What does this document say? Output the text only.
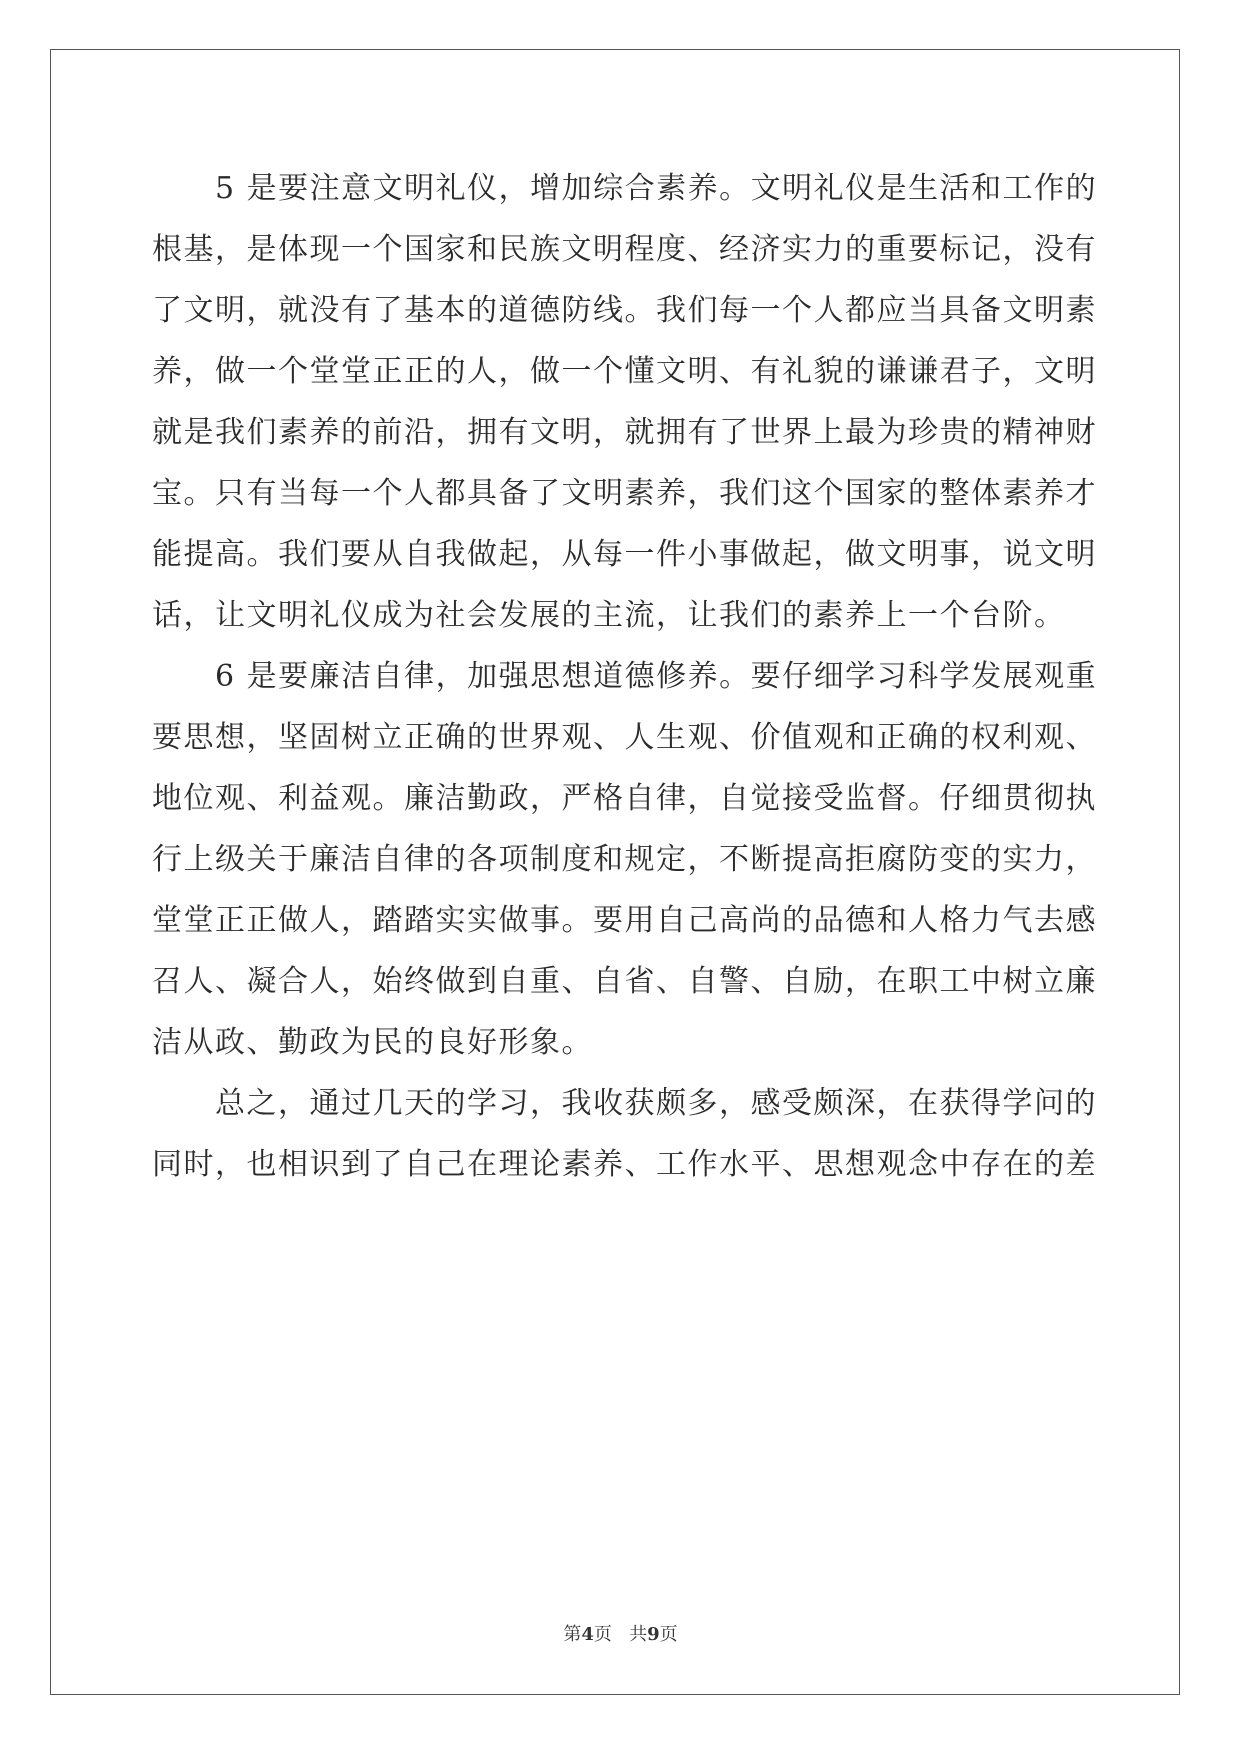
　　5 是要注意文明礼仪，增加综合素养。文明礼仪是生活和工作的
根基，是体现一个国家和民族文明程度、经济实力的重要标记，没有
了文明，就没有了基本的道德防线。我们每一个人都应当具备文明素
养，做一个堂堂正正的人，做一个懂文明、有礼貌的谦谦君子，文明
就是我们素养的前沿，拥有文明，就拥有了世界上最为珍贵的精神财
宝。只有当每一个人都具备了文明素养，我们这个国家的整体素养才
能提高。我们要从自我做起，从每一件小事做起，做文明事，说文明
话，让文明礼仪成为社会发展的主流，让我们的素养上一个台阶。
　　6 是要廉洁自律，加强思想道德修养。要仔细学习科学发展观重
要思想，坚固树立正确的世界观、人生观、价值观和正确的权利观、
地位观、利益观。廉洁勤政，严格自律，自觉接受监督。仔细贯彻执
行上级关于廉洁自律的各项制度和规定，不断提高拒腐防变的实力，
堂堂正正做人，踏踏实实做事。要用自己高尚的品德和人格力气去感
召人、凝合人，始终做到自重、自省、自警、自励，在职工中树立廉
洁从政、勤政为民的良好形象。
　　总之，通过几天的学习，我收获颇多，感受颇深，在获得学问的
同时，也相识到了自己在理论素养、工作水平、思想观念中存在的差
第4页 共9页
